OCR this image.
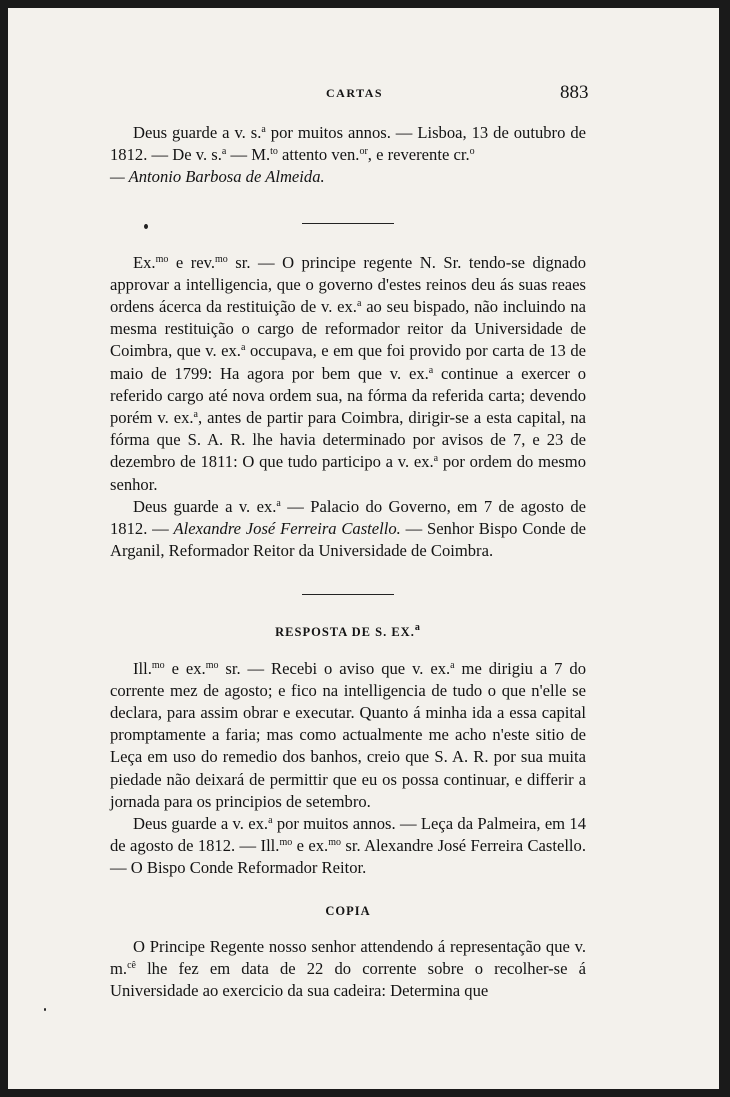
CARTAS	883

Deus guarde a v. s.$^a$ por muitos annos. — Lisboa, 13 de outubro de 1812. — De v. s.$^a$ — M.$^{to}$ attento ven.$^{or}$, e reverente cr.$^o$
— Antonio Barbosa de Almeida.

Ex.$^{mo}$ e rev.$^{mo}$ sr. — O principe regente N. Sr. tendo-se dignado approvar a intelligencia, que o governo d'estes reinos deu ás suas reaes ordens ácerca da restituição de v. ex.$^a$ ao seu bispado, não incluindo na mesma restituição o cargo de reformador reitor da Universidade de Coimbra, que v. ex.$^a$ occupava, e em que foi provido por carta de 13 de maio de 1799: Ha agora por bem que v. ex.$^a$ continue a exercer o referido cargo até nova ordem sua, na fórma da referida carta; devendo porém v. ex.$^a$, antes de partir para Coimbra, dirigir-se a esta capital, na fórma que S. A. R. lhe havia determinado por avisos de 7, e 23 de dezembro de 1811: O que tudo participo a v. ex.$^a$ por ordem do mesmo senhor.

Deus guarde a v. ex.$^a$ — Palacio do Governo, em 7 de agosto de 1812. — Alexandre José Ferreira Castello. — Senhor Bispo Conde de Arganil, Reformador Reitor da Universidade de Coimbra.

RESPOSTA DE S. EX.$^a$

Ill.$^{mo}$ e ex.$^{mo}$ sr. — Recebi o aviso que v. ex.$^a$ me dirigiu a 7 do corrente mez de agosto; e fico na intelligencia de tudo o que n'elle se declara, para assim obrar e executar. Quanto á minha ida a essa capital promptamente a faria; mas como actualmente me acho n'este sitio de Leça em uso do remedio dos banhos, creio que S. A. R. por sua muita piedade não deixará de permittir que eu os possa continuar, e differir a jornada para os principios de setembro.

Deus guarde a v. ex.$^a$ por muitos annos. — Leça da Palmeira, em 14 de agosto de 1812. — Ill.$^{mo}$ e ex.$^{mo}$ sr. Alexandre José Ferreira Castello. — O Bispo Conde Reformador Reitor.

COPIA

O Principe Regente nosso senhor attendendo á representação que v. m.$^{cê}$ lhe fez em data de 22 do corrente sobre o recolher-se á Universidade ao exercicio da sua cadeira: Determina que
